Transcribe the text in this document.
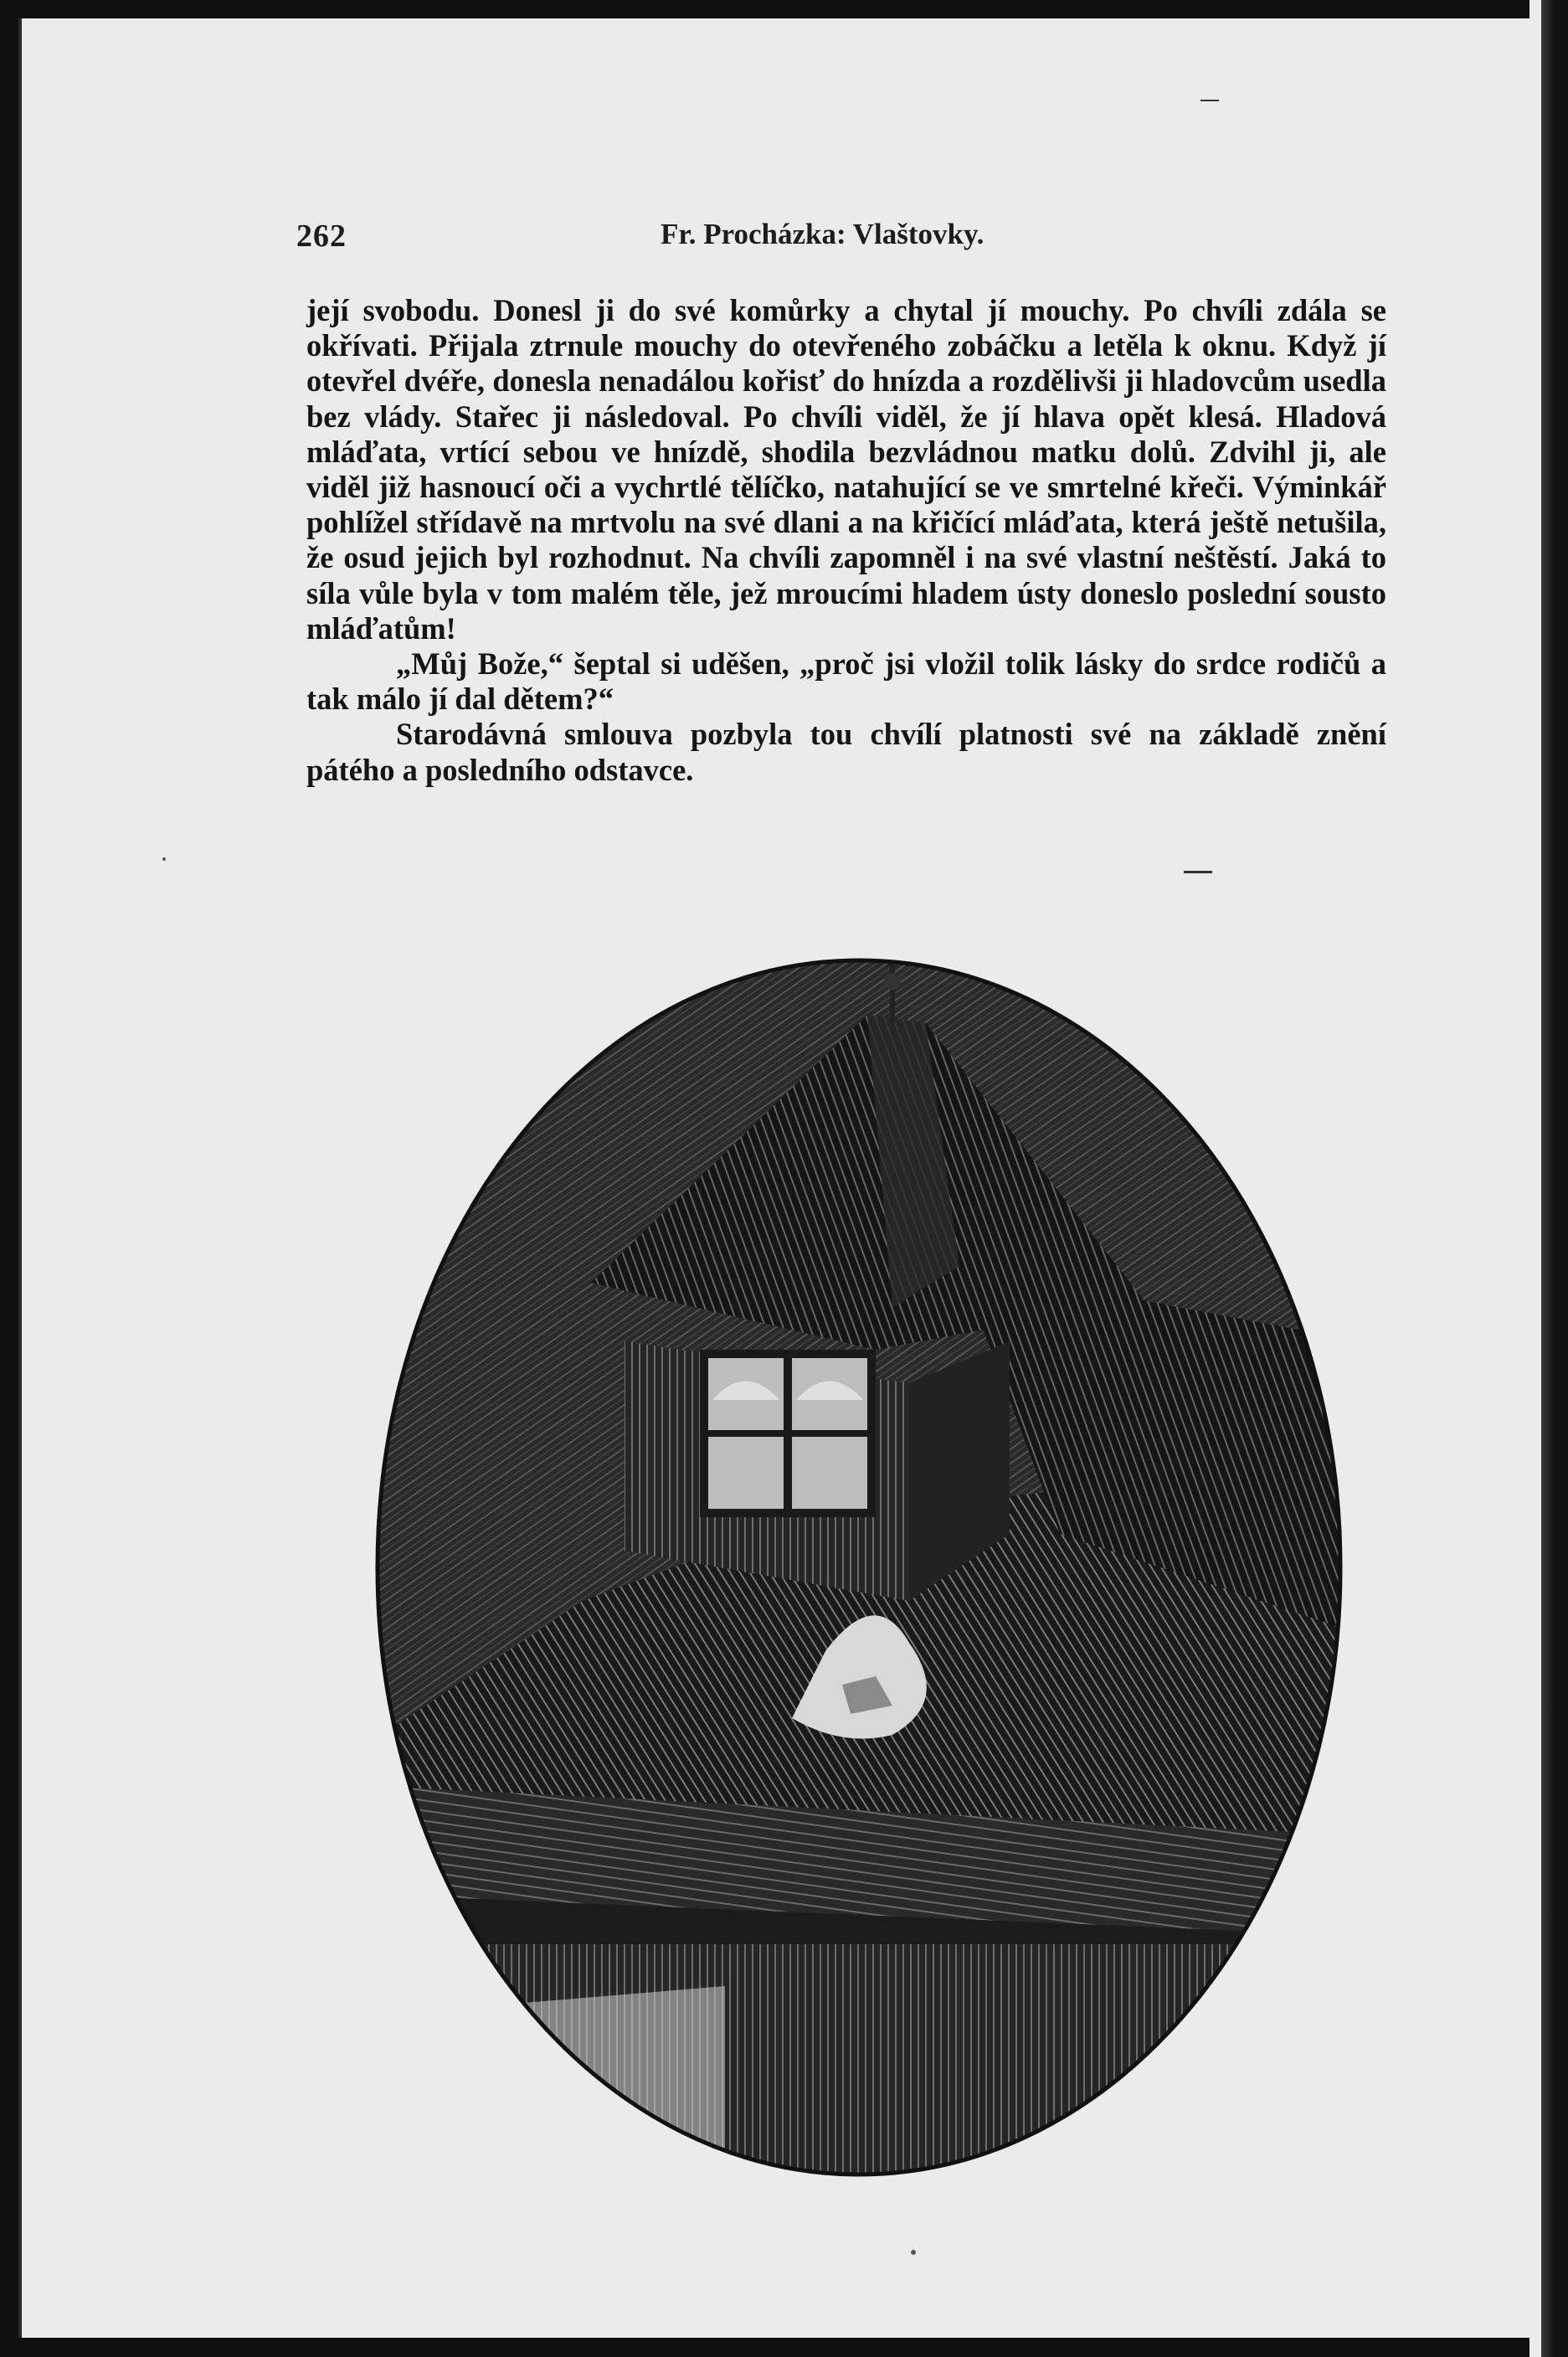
262	Fr. Procházka: Vlaštovky.

její svobodu. Donesl ji do své komůrky a chytal jí mouchy. Po chvíli zdála se okřívati. Přijala ztrnule mouchy do otevřeného zobáčku a letěla k oknu. Když jí otevřel dvéře, donesla nenadálou kořisť do hnízda a rozdělivši ji hladovcům usedla bez vlády. Stařec ji následoval. Po chvíli viděl, že jí hlava opět klesá. Hladová mláďata, vrtící sebou ve hnízdě, shodila bezvládnou matku dolů. Zdvihl ji, ale viděl již hasnoucí oči a vychrtlé tělíčko, natahující se ve smrtelné křeči. Výminkář pohlížel střídavě na mrtvolu na své dlani a na křičící mláďata, která ještě netušila, že osud jejich byl rozhodnut. Na chvíli zapomněl i na své vlastní neštěstí. Jaká to síla vůle byla v tom malém těle, jež mroucími hladem ústy doneslo poslední sousto mláďatům!

„Můj Bože,“ šeptal si uděšen, „proč jsi vložil tolik lásky do srdce rodičů a tak málo jí dal dětem?“

Starodávná smlouva pozbyla tou chvílí platnosti své na základě znění pátého a posledního odstavce.
